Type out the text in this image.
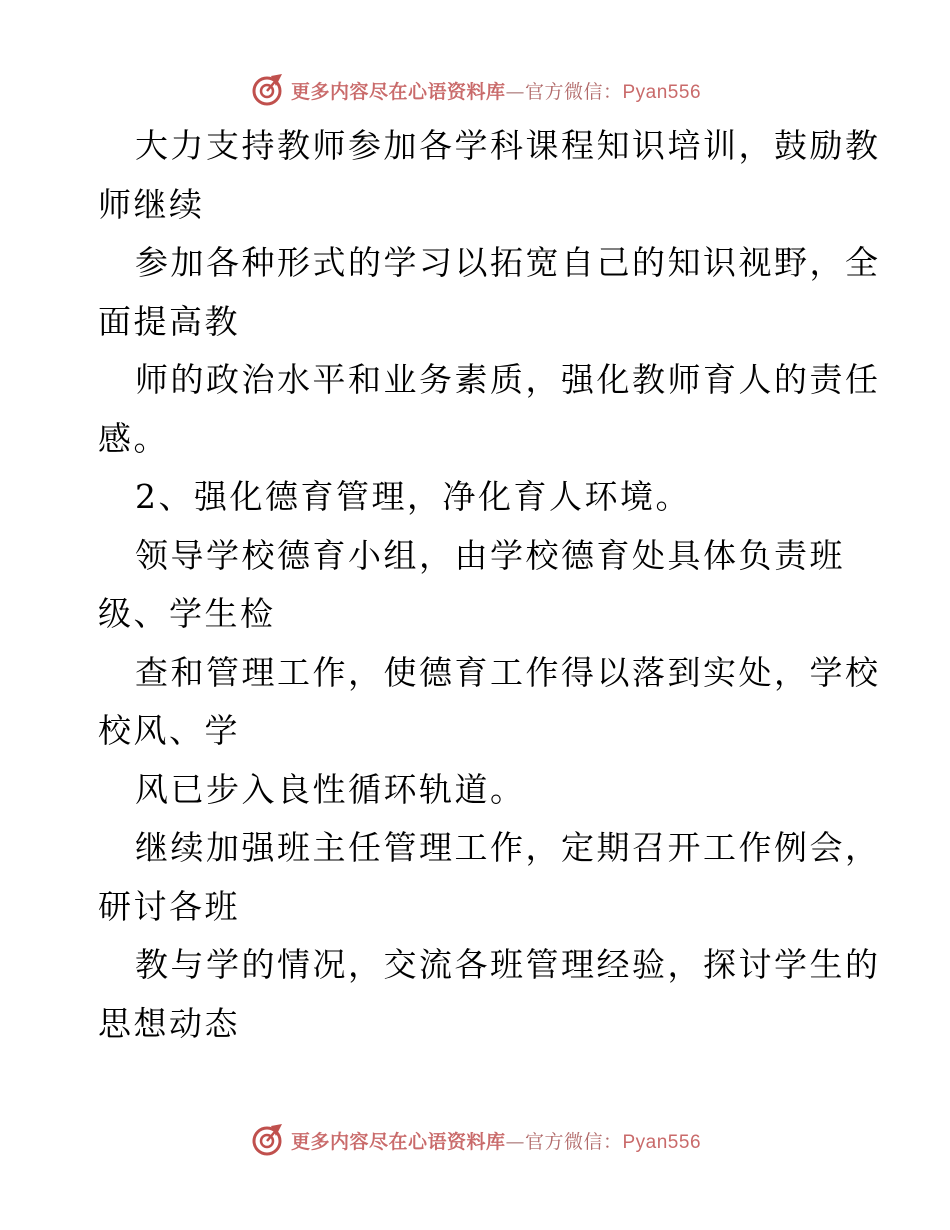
更多内容尽在心语资料库—官方微信：Pyan556
大力支持教师参加各学科课程知识培训，鼓励教
师继续
参加各种形式的学习以拓宽自己的知识视野，全
面提高教
师的政治水平和业务素质，强化教师育人的责任
感。
2、强化德育管理，净化育人环境。
领导学校德育小组，由学校德育处具体负责班
级、学生检
查和管理工作，使德育工作得以落到实处，学校
校风、学
风已步入良性循环轨道。
继续加强班主任管理工作，定期召开工作例会，
研讨各班
教与学的情况，交流各班管理经验，探讨学生的
思想动态
更多内容尽在心语资料库—官方微信：Pyan556
